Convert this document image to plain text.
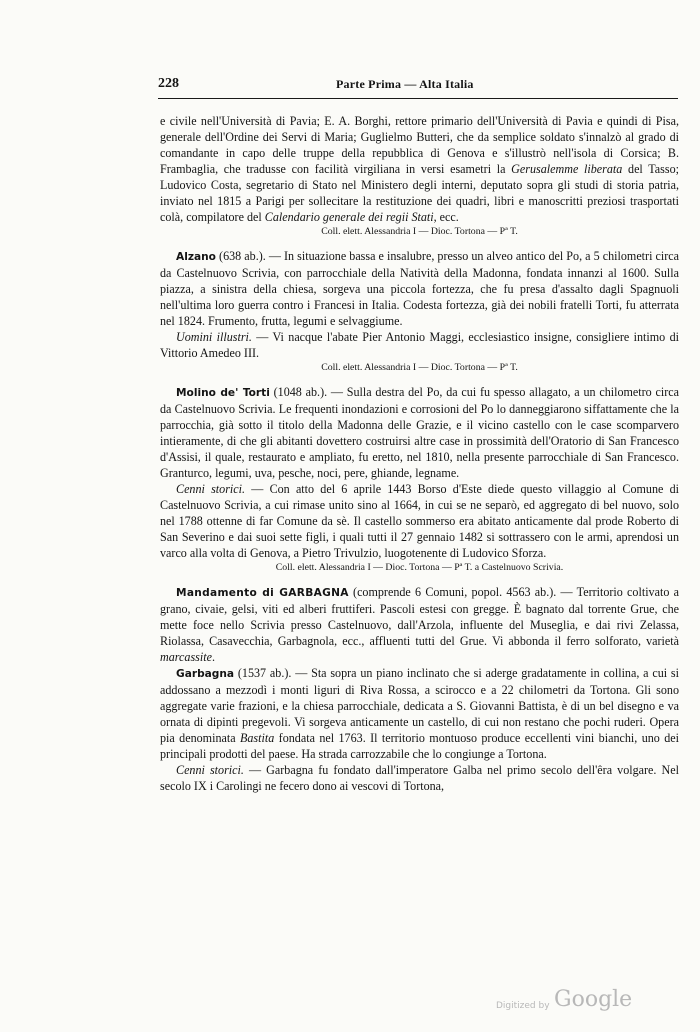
228	Parte Prima — Alta Italia

e civile nell'Università di Pavia; E. A. Borghi, rettore primario dell'Università di Pavia e quindi di Pisa, generale dell'Ordine dei Servi di Maria; Guglielmo Butteri, che da semplice soldato s'innalzò al grado di comandante in capo delle truppe della repubblica di Genova e s'illustrò nell'isola di Corsica; B. Frambaglia, che tradusse con facilità virgiliana in versi esametri la Gerusalemme liberata del Tasso; Ludovico Costa, segretario di Stato nel Ministero degli interni, deputato sopra gli studi di storia patria, inviato nel 1815 a Parigi per sollecitare la restituzione dei quadri, libri e manoscritti preziosi trasportati colà, compilatore del Calendario generale dei regii Stati, ecc.

Coll. elett. Alessandria I — Dioc. Tortona — Pª T.

Alzano (638 ab.). — In situazione bassa e insalubre, presso un alveo antico del Po, a 5 chilometri circa da Castelnuovo Scrivia, con parrocchiale della Natività della Madonna, fondata innanzi al 1600. Sulla piazza, a sinistra della chiesa, sorgeva una piccola fortezza, che fu presa d'assalto dagli Spagnuoli nell'ultima loro guerra contro i Francesi in Italia. Codesta fortezza, già dei nobili fratelli Torti, fu atterrata nel 1824. Frumento, frutta, legumi e selvaggiume.

Uomini illustri. — Vi nacque l'abate Pier Antonio Maggi, ecclesiastico insigne, consigliere intimo di Vittorio Amedeo III.

Coll. elett. Alessandria I — Dioc. Tortona — Pª T.

Molino de' Torti (1048 ab.). — Sulla destra del Po, da cui fu spesso allagato, a un chilometro circa da Castelnuovo Scrivia. Le frequenti inondazioni e corrosioni del Po lo danneggiarono siffattamente che la parrocchia, già sotto il titolo della Madonna delle Grazie, e il vicino castello con le case scomparvero intieramente, di che gli abitanti dovettero costruirsi altre case in prossimità dell'Oratorio di San Francesco d'Assisi, il quale, restaurato e ampliato, fu eretto, nel 1810, nella presente parrocchiale di San Francesco. Granturco, legumi, uva, pesche, noci, pere, ghiande, legname.

Cenni storici. — Con atto del 6 aprile 1443 Borso d'Este diede questo villaggio al Comune di Castelnuovo Scrivia, a cui rimase unito sino al 1664, in cui se ne separò, ed aggregato di bel nuovo, solo nel 1788 ottenne di far Comune da sè. Il castello sommerso era abitato anticamente dal prode Roberto di San Severino e dai suoi sette figli, i quali tutti il 27 gennaio 1482 si sottrassero con le armi, aprendosi un varco alla volta di Genova, a Pietro Trivulzio, luogotenente di Ludovico Sforza.

Coll. elett. Alessandria I — Dioc. Tortona — Pª T. a Castelnuovo Scrivia.

Mandamento di GARBAGNA (comprende 6 Comuni, popol. 4563 ab.). — Territorio coltivato a grano, civaie, gelsi, viti ed alberi fruttiferi. Pascoli estesi con gregge. È bagnato dal torrente Grue, che mette foce nello Scrivia presso Castelnuovo, dall'Arzola, influente del Museglia, e dai rivi Zelassa, Riolassa, Casavecchia, Garbagnola, ecc., affluenti tutti del Grue. Vi abbonda il ferro solforato, varietà marcassite.

Garbagna (1537 ab.). — Sta sopra un piano inclinato che si aderge gradatamente in collina, a cui si addossano a mezzodì i monti liguri di Riva Rossa, a scirocco e a 22 chilometri da Tortona. Gli sono aggregate varie frazioni, e la chiesa parrocchiale, dedicata a S. Giovanni Battista, è di un bel disegno e va ornata di dipinti pregevoli. Vi sorgeva anticamente un castello, di cui non restano che pochi ruderi. Opera pia denominata Bastita fondata nel 1763. Il territorio montuoso produce eccellenti vini bianchi, uno dei principali prodotti del paese. Ha strada carrozzabile che lo congiunge a Tortona.

Cenni storici. — Garbagna fu fondato dall'imperatore Galba nel primo secolo dell'êra volgare. Nel secolo IX i Carolingi ne fecero dono ai vescovi di Tortona,

Digitized by Google
